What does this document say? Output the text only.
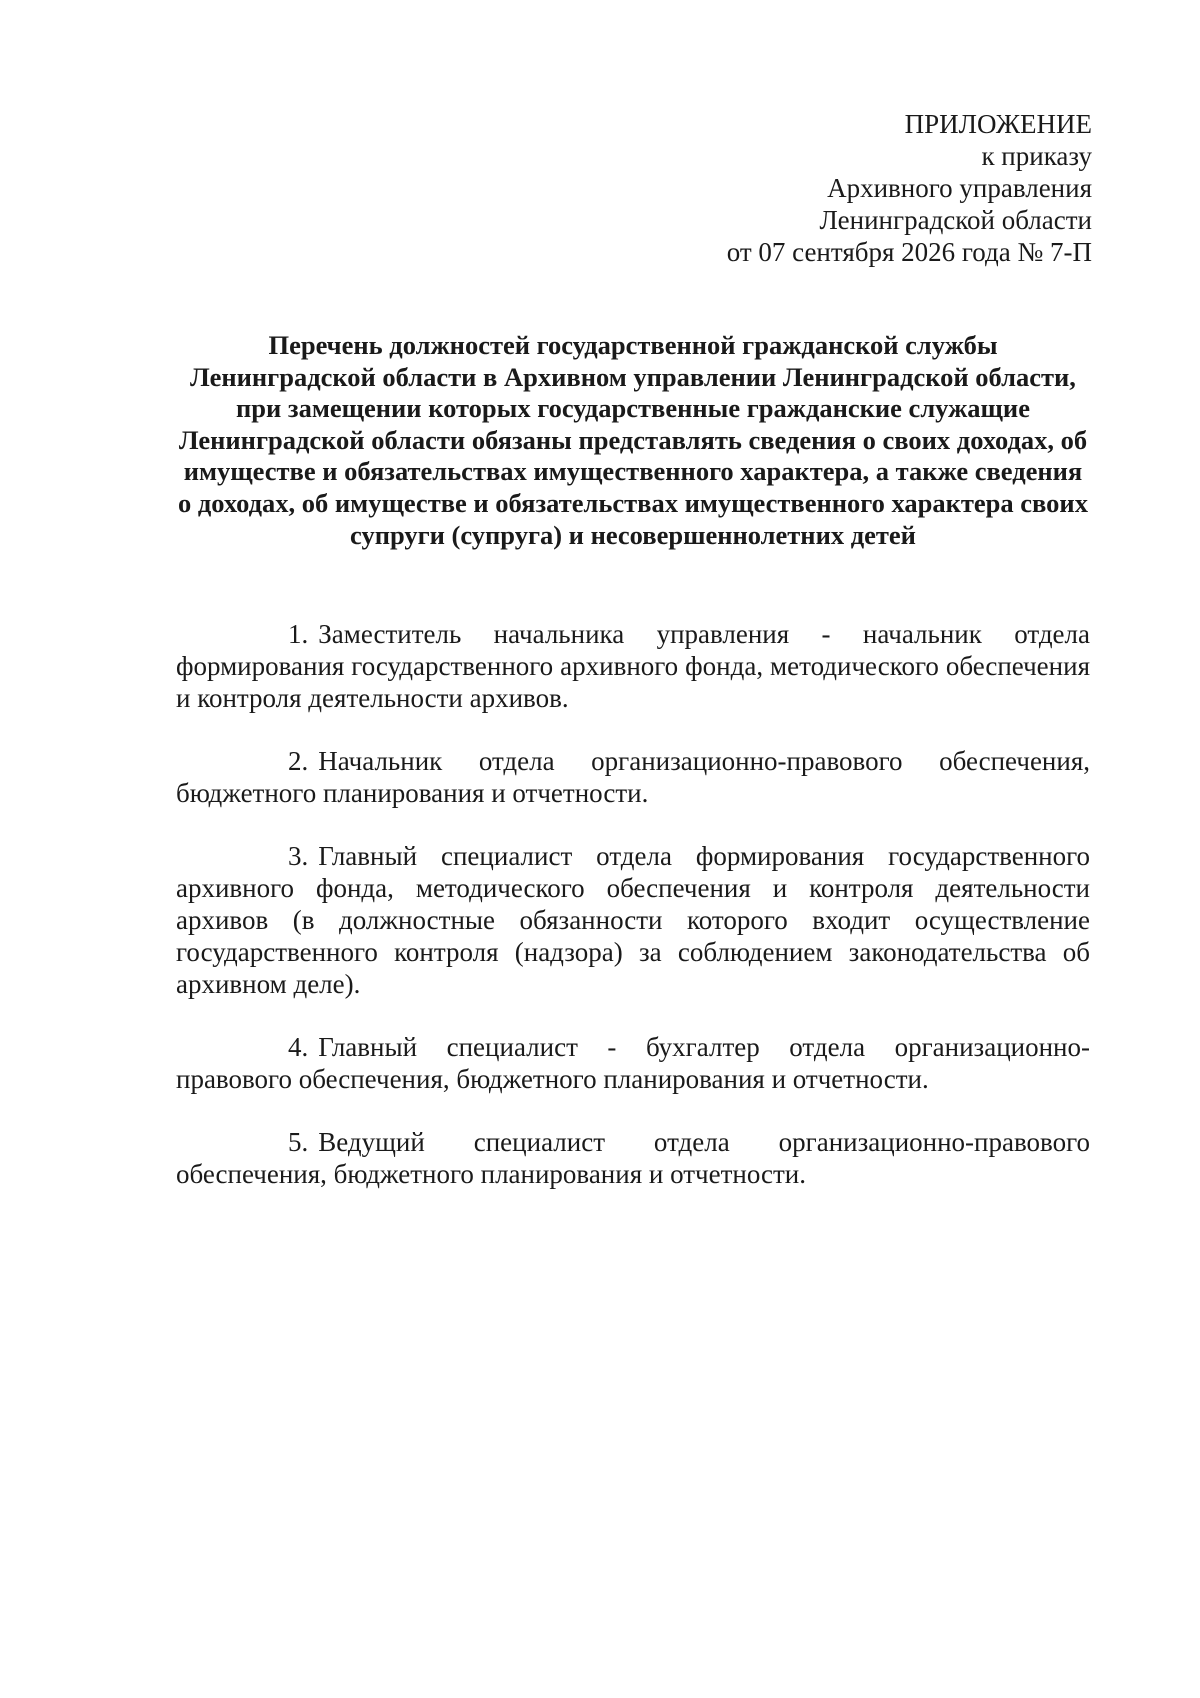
ПРИЛОЖЕНИЕ
к приказу
Архивного управления
Ленинградской области
от 07 сентября 2026 года № 7-П
Перечень должностей государственной гражданской службы Ленинградской области в Архивном управлении Ленинградской области, при замещении которых государственные гражданские служащие Ленинградской области обязаны представлять сведения о своих доходах, об имуществе и обязательствах имущественного характера, а также сведения о доходах, об имуществе и обязательствах имущественного характера своих супруги (супруга) и несовершеннолетних детей

1. Заместитель начальника управления - начальник отдела формирования государственного архивного фонда, методического обеспечения и контроля деятельности архивов.

2. Начальник отдела организационно-правового обеспечения, бюджетного планирования и отчетности.

3. Главный специалист отдела формирования государственного архивного фонда, методического обеспечения и контроля деятельности архивов (в должностные обязанности которого входит осуществление государственного контроля (надзора) за соблюдением законодательства об архивном деле).

4. Главный специалист - бухгалтер отдела организационно-правового обеспечения, бюджетного планирования и отчетности.

5. Ведущий специалист отдела организационно-правового обеспечения, бюджетного планирования и отчетности.
